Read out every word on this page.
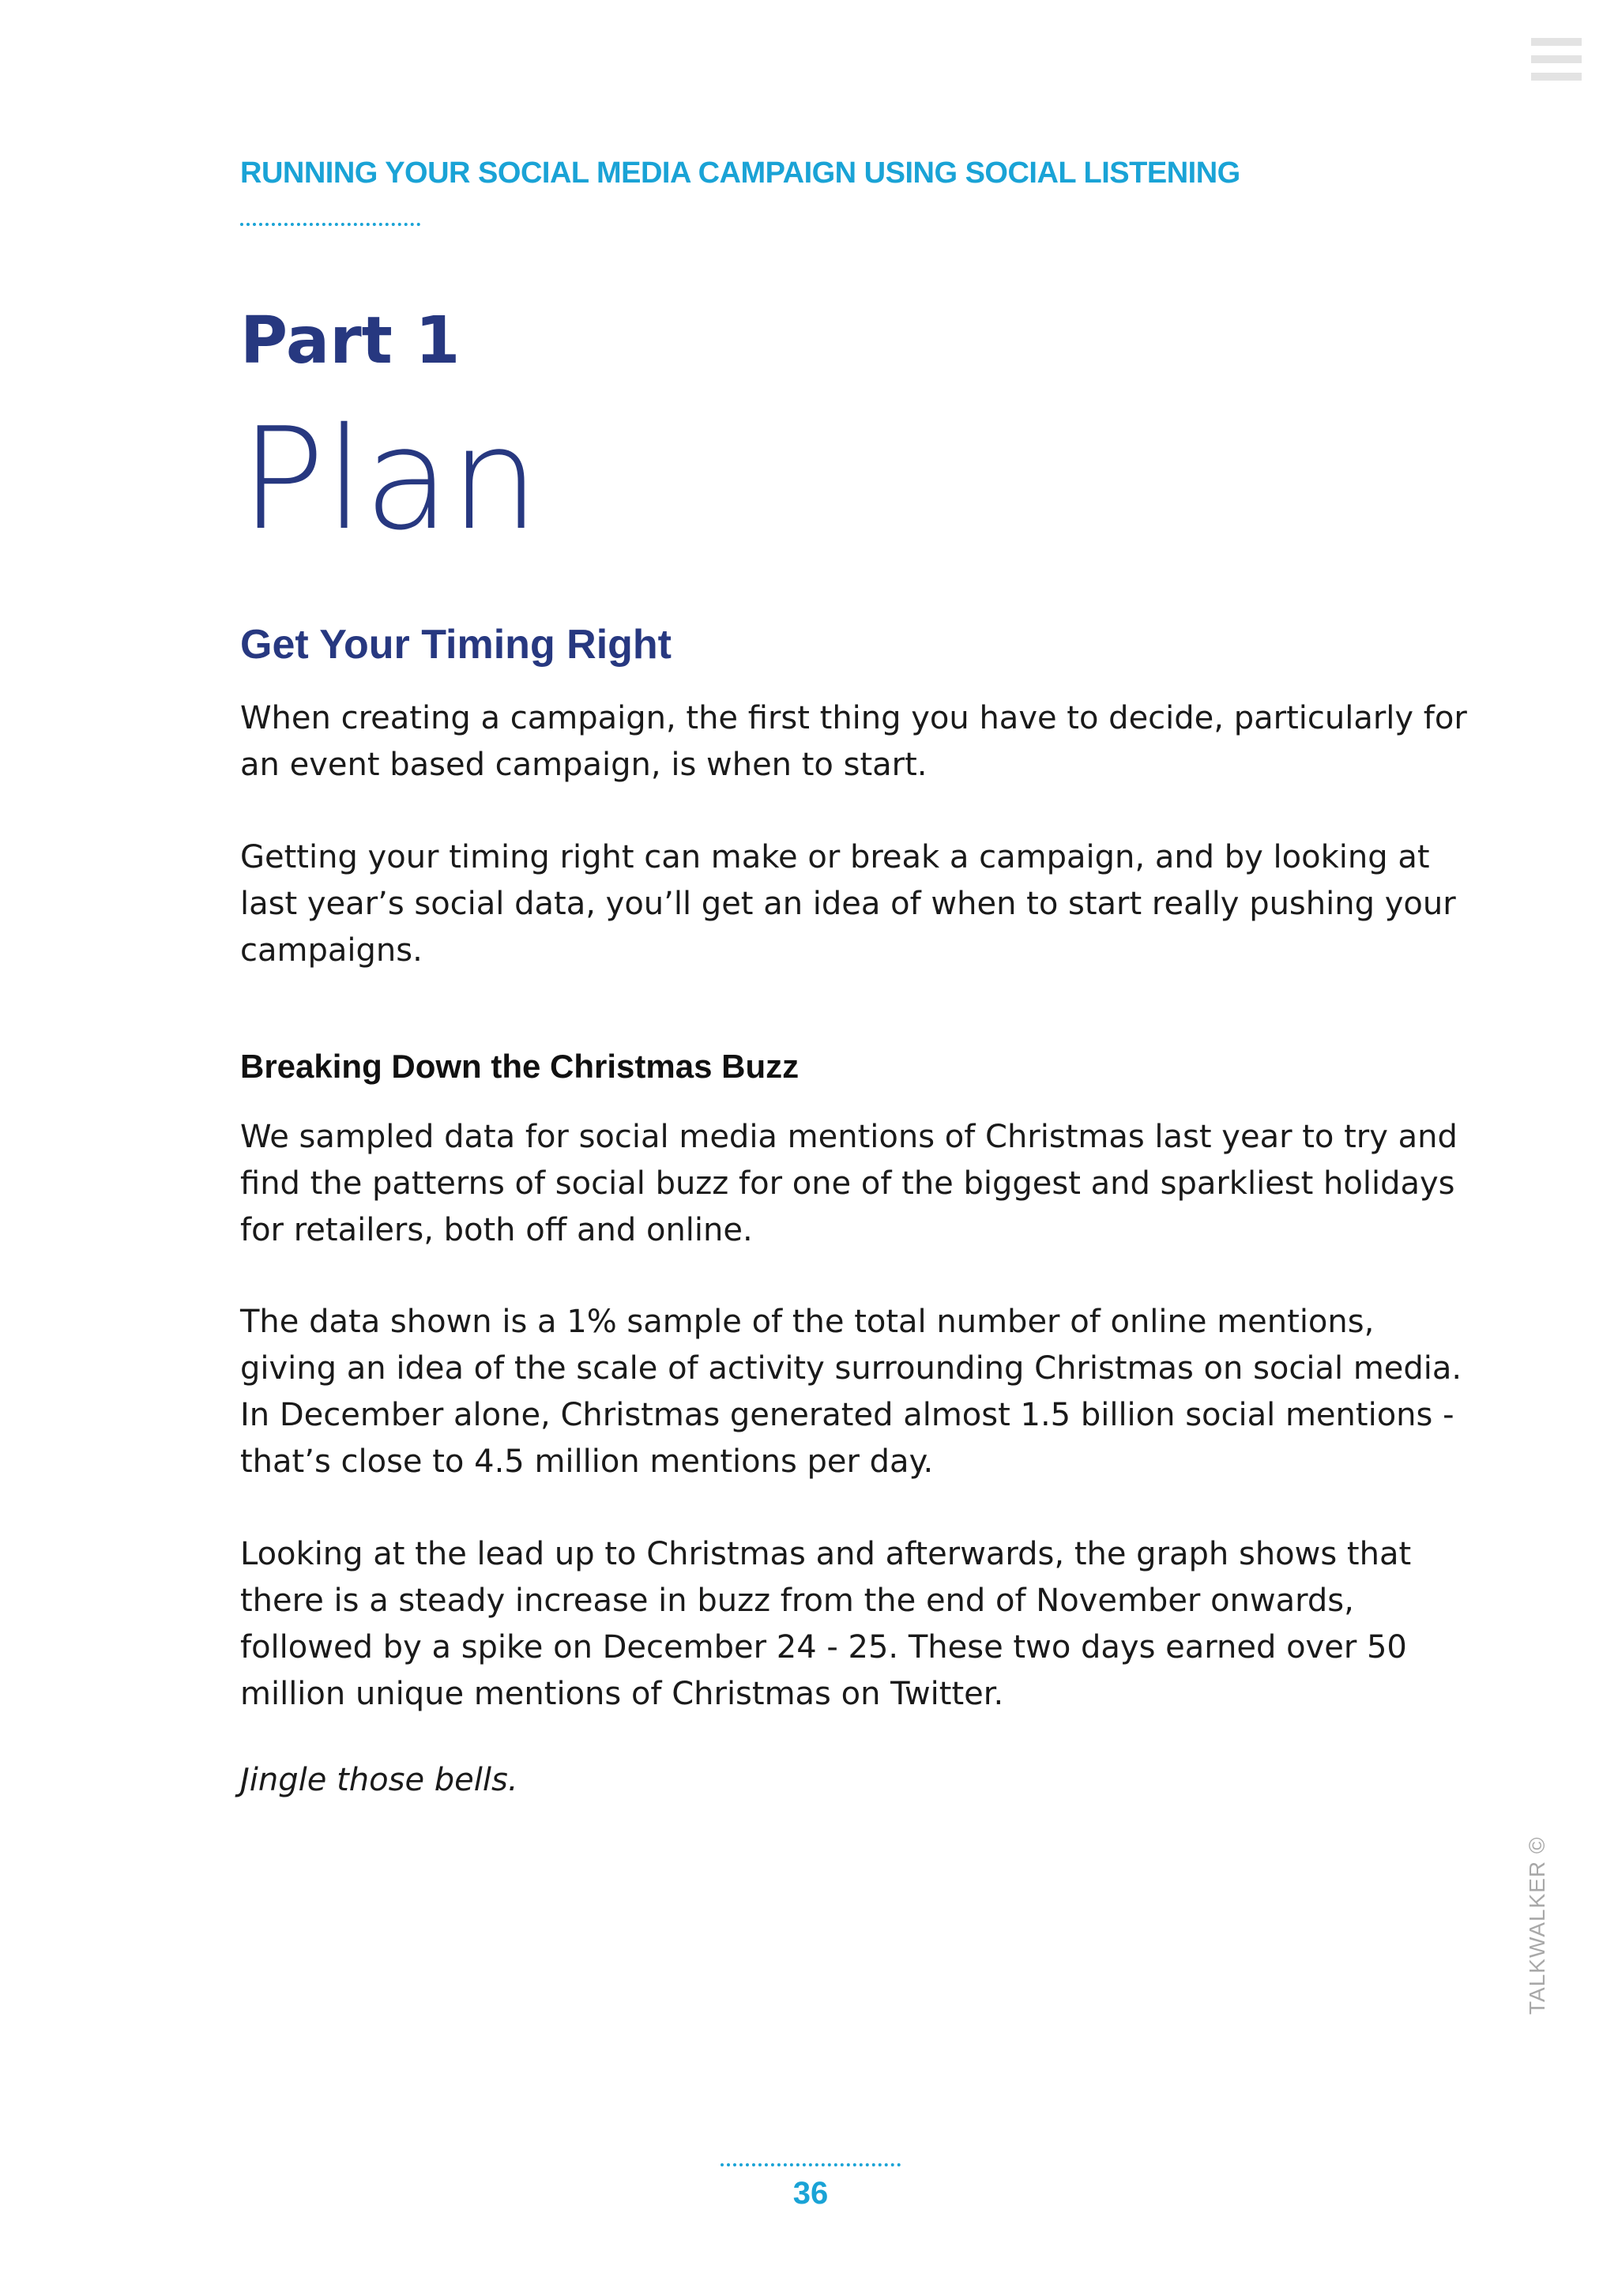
RUNNING YOUR SOCIAL MEDIA CAMPAIGN USING SOCIAL LISTENING
Part 1
Plan
Get Your Timing Right

When creating a campaign, the first thing you have to decide, particularly for
an event based campaign, is when to start.

Getting your timing right can make or break a campaign, and by looking at
last year’s social data, you’ll get an idea of when to start really pushing your
campaigns.

Breaking Down the Christmas Buzz

We sampled data for social media mentions of Christmas last year to try and
find the patterns of social buzz for one of the biggest and sparkliest holidays
for retailers, both off and online.

The data shown is a 1% sample of the total number of online mentions,
giving an idea of the scale of activity surrounding Christmas on social media.
In December alone, Christmas generated almost 1.5 billion social mentions -
that’s close to 4.5 million mentions per day.

Looking at the lead up to Christmas and afterwards, the graph shows that
there is a steady increase in buzz from the end of November onwards,
followed by a spike on December 24 - 25. These two days earned over 50
million unique mentions of Christmas on Twitter.

Jingle those bells.
TALKWALKER ©
36
